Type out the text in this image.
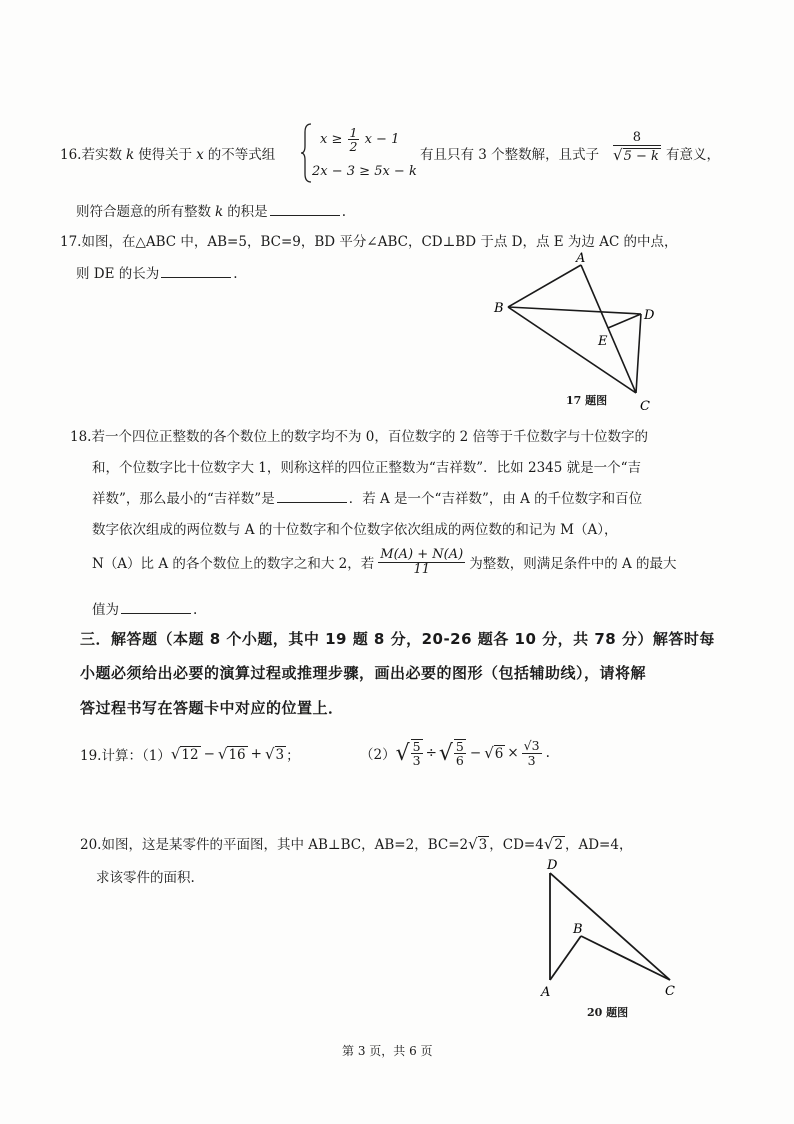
16.若实数 k 使得关于 x 的不等式组
$x \ge \frac{1}{2}$ x − 1
2x − 3 ≥ 5x − k
有且只有 3 个整数解，且式子 $\frac{8}{√5 - k}$ 有意义，
则符合题意的所有整数 k 的积是	.
17.如图，在△ABC 中，AB=5，BC=9，BD 平分∠ABC，CD⊥BD 于点 D，点 E 为边 AC 的中点，
则 DE 的长为	.
A
B	D
E
C
17 题图
18.若一个四位正整数的各个数位上的数字均不为 0，百位数字的 2 倍等于千位数字与十位数字的
和，个位数字比十位数字大 1，则称这样的四位正整数为“吉祥数”．比如 2345 就是一个“吉
祥数”，那么最小的“吉祥数”是	．若 A 是一个“吉祥数”，由 A 的千位数字和百位
数字依次组成的两位数与 A 的十位数字和个位数字依次组成的两位数的和记为 M（A），
N（A）比 A 的各个数位上的数字之和大 2，若 $\frac{M(A) + N(A)}{11}$ 为整数，则满足条件中的 A 的最大
值为	.
三．解答题（本题 8 个小题，其中 19 题 8 分，20-26 题各 10 分，共 78 分）解答时每
小题必须给出必要的演算过程或推理步骤，画出必要的图形（包括辅助线），请将解
答过程书写在答题卡中对应的位置上．
19.计算：（1） √ 12 − √ 16 + √ 3 ；	（2） √ $\frac{5}{3}$ ÷ √ $\frac{5}{6}$ − √ $6 \times \frac{√3}{3}$ .
20.如图，这是某零件的平面图，其中 AB⊥BC，AB=2，BC=2√3 ，CD=4√2 ，AD=4，
求该零件的面积.
D
B
A	C
20 题图
第 3 页，共 6 页
